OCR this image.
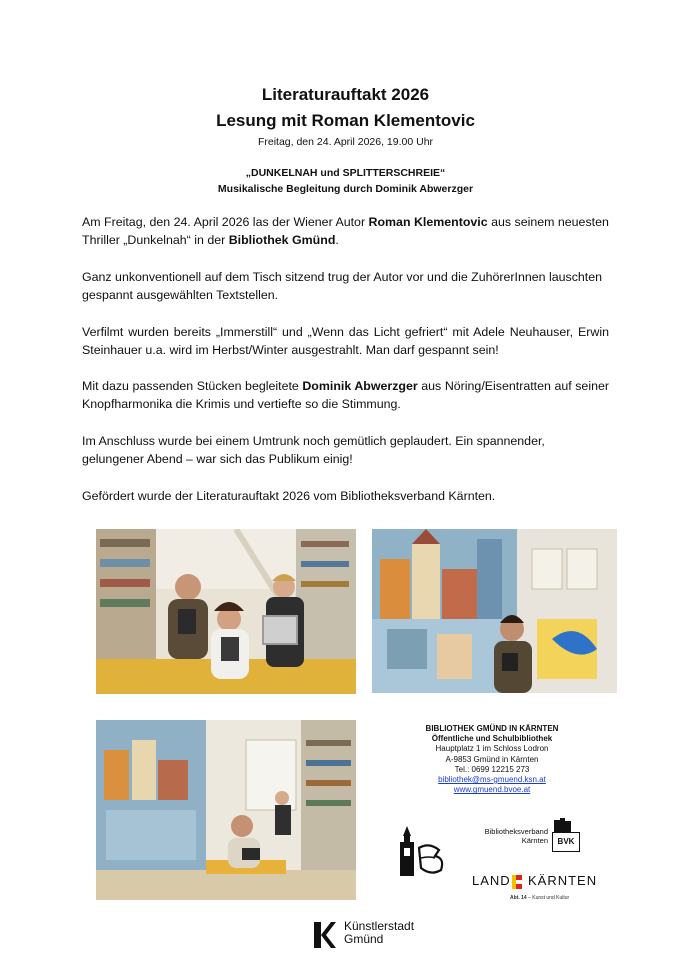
Literaturauftakt 2026
Lesung mit Roman Klementovic
Freitag, den 24. April 2026, 19.00 Uhr
„DUNKELNAH und SPLITTERSCHREIE“
Musikalische Begleitung durch Dominik Abwerzger
Am Freitag, den 24. April 2026 las der Wiener Autor Roman Klementovic aus seinem neuesten Thriller „Dunkelnah“ in der Bibliothek Gmünd.
Ganz unkonventionell auf dem Tisch sitzend trug der Autor vor und die ZuhörerInnen lauschten gespannt ausgewählten Textstellen.
Verfilmt wurden bereits „Immerstill“ und „Wenn das Licht gefriert“ mit Adele Neuhauser, Erwin Steinhauer u.a. wird im Herbst/Winter ausgestrahlt. Man darf gespannt sein!
Mit dazu passenden Stücken begleitete Dominik Abwerzger aus Nöring/Eisentratten auf seiner Knopfharmonika die Krimis und vertiefte so die Stimmung.
Im Anschluss wurde bei einem Umtrunk noch gemütlich geplaudert. Ein spannender, gelungener Abend – war sich das Publikum einig!
Gefördert wurde der Literaturauftakt 2026 vom Bibliotheksverband Kärnten.
BIBLIOTHEK GMÜND IN KÄRNTEN
Öffentliche und Schulbibliothek
Hauptplatz 1 im Schloss Lodron
A-9853 Gmünd in Kärnten
Tel.: 0699 12215 273
bibliothek@ms-gmuend.ksn.at
www.gmuend.bvoe.at
Bibliotheksverband
Kärnten	BVK
LAND KÄRNTEN
Abt. 14 – Kunst und Kultur
Künstlerstadt
Gmünd
